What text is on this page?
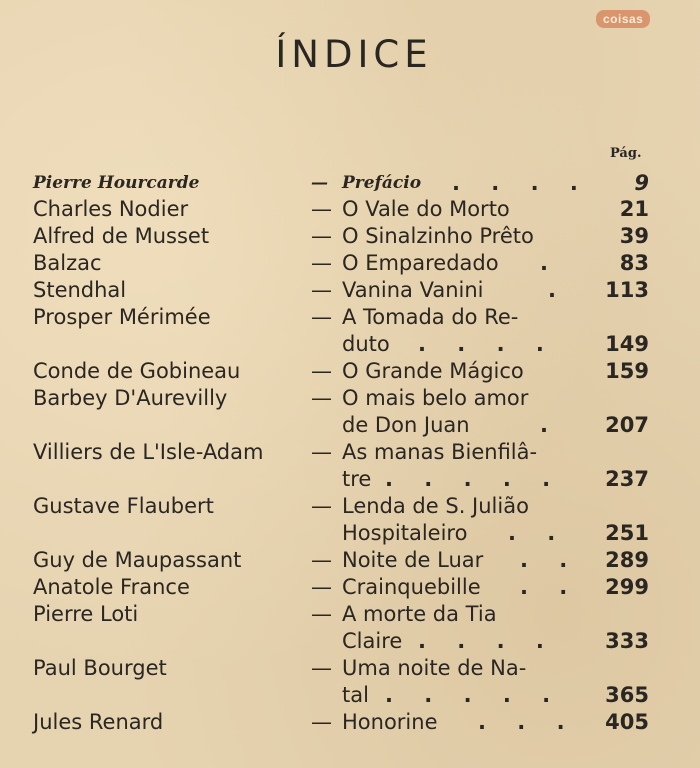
coisas
ÍNDICE
Pág.
Pierre Hourcarde	— Prefácio . . . . 9
Charles Nodier	— O Vale do Morto	21
Alfred de Musset	— O Sinalzinho Prêto	39
Balzac	— O Emparedado .	83
Stendhal	— Vanina Vanini	. 113
Prosper Mérimée	— A Tomada do Re-
duto . . . . 149
Conde de Gobineau	— O Grande Mágico	159
Barbey D'Aurevilly	— O mais belo amor
de Don Juan	. 207
Villiers de L'Isle-Adam — As manas Bienfilâ-
tre . . . . . 237
Gustave Flaubert	— Lenda de S. Julião
Hospitaleiro . . 251
Guy de Maupassant	— Noite de Luar . . 289
Anatole France	— Crainquebille . . 299
Pierre Loti	— A morte da Tia
Claire . . . . 333
Paul Bourget	— Uma noite de Na-
tal . . . . . 365
Jules Renard	— Honorine . . . 405
